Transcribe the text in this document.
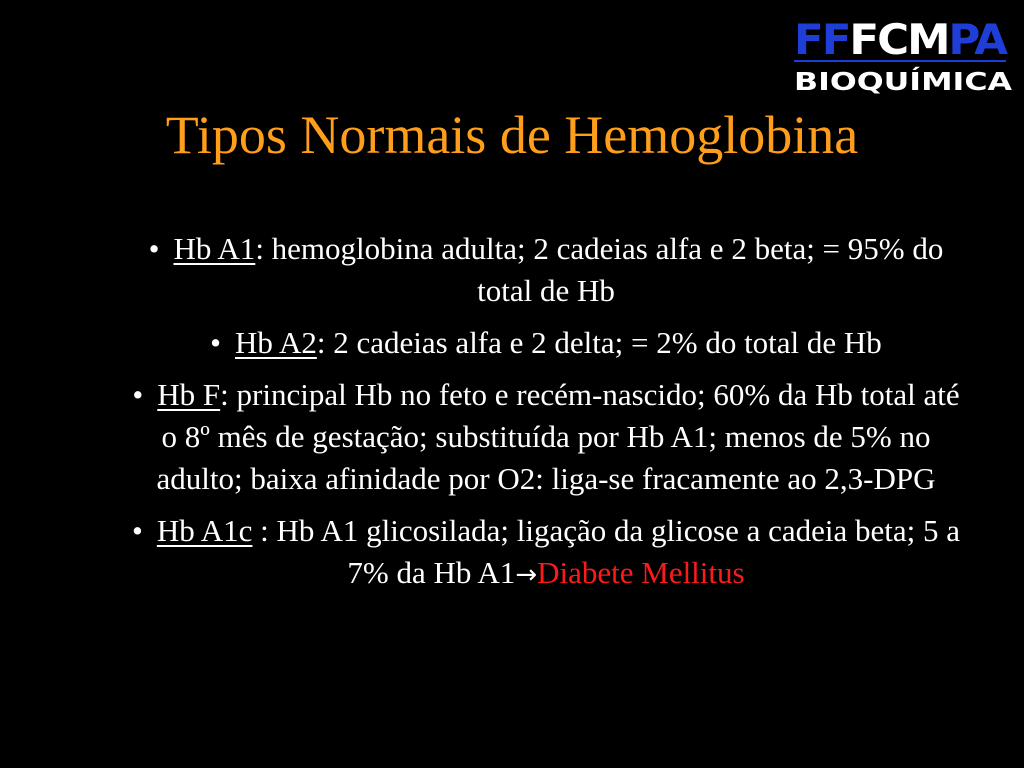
FFFCMPA
BIOQUÍMICA
Tipos Normais de Hemoglobina
• Hb A1: hemoglobina adulta; 2 cadeias alfa e 2 beta; = 95% do total de Hb
• Hb A2: 2 cadeias alfa e 2 delta; = 2% do total de Hb
• Hb F: principal Hb no feto e recém-nascido; 60% da Hb total até o 8º mês de gestação; substituída por Hb A1; menos de 5% no adulto; baixa afinidade por O2: liga-se fracamente ao 2,3-DPG
• Hb A1c : Hb A1 glicosilada; ligação da glicose a cadeia beta; 5 a 7% da Hb A1→Diabete Mellitus
